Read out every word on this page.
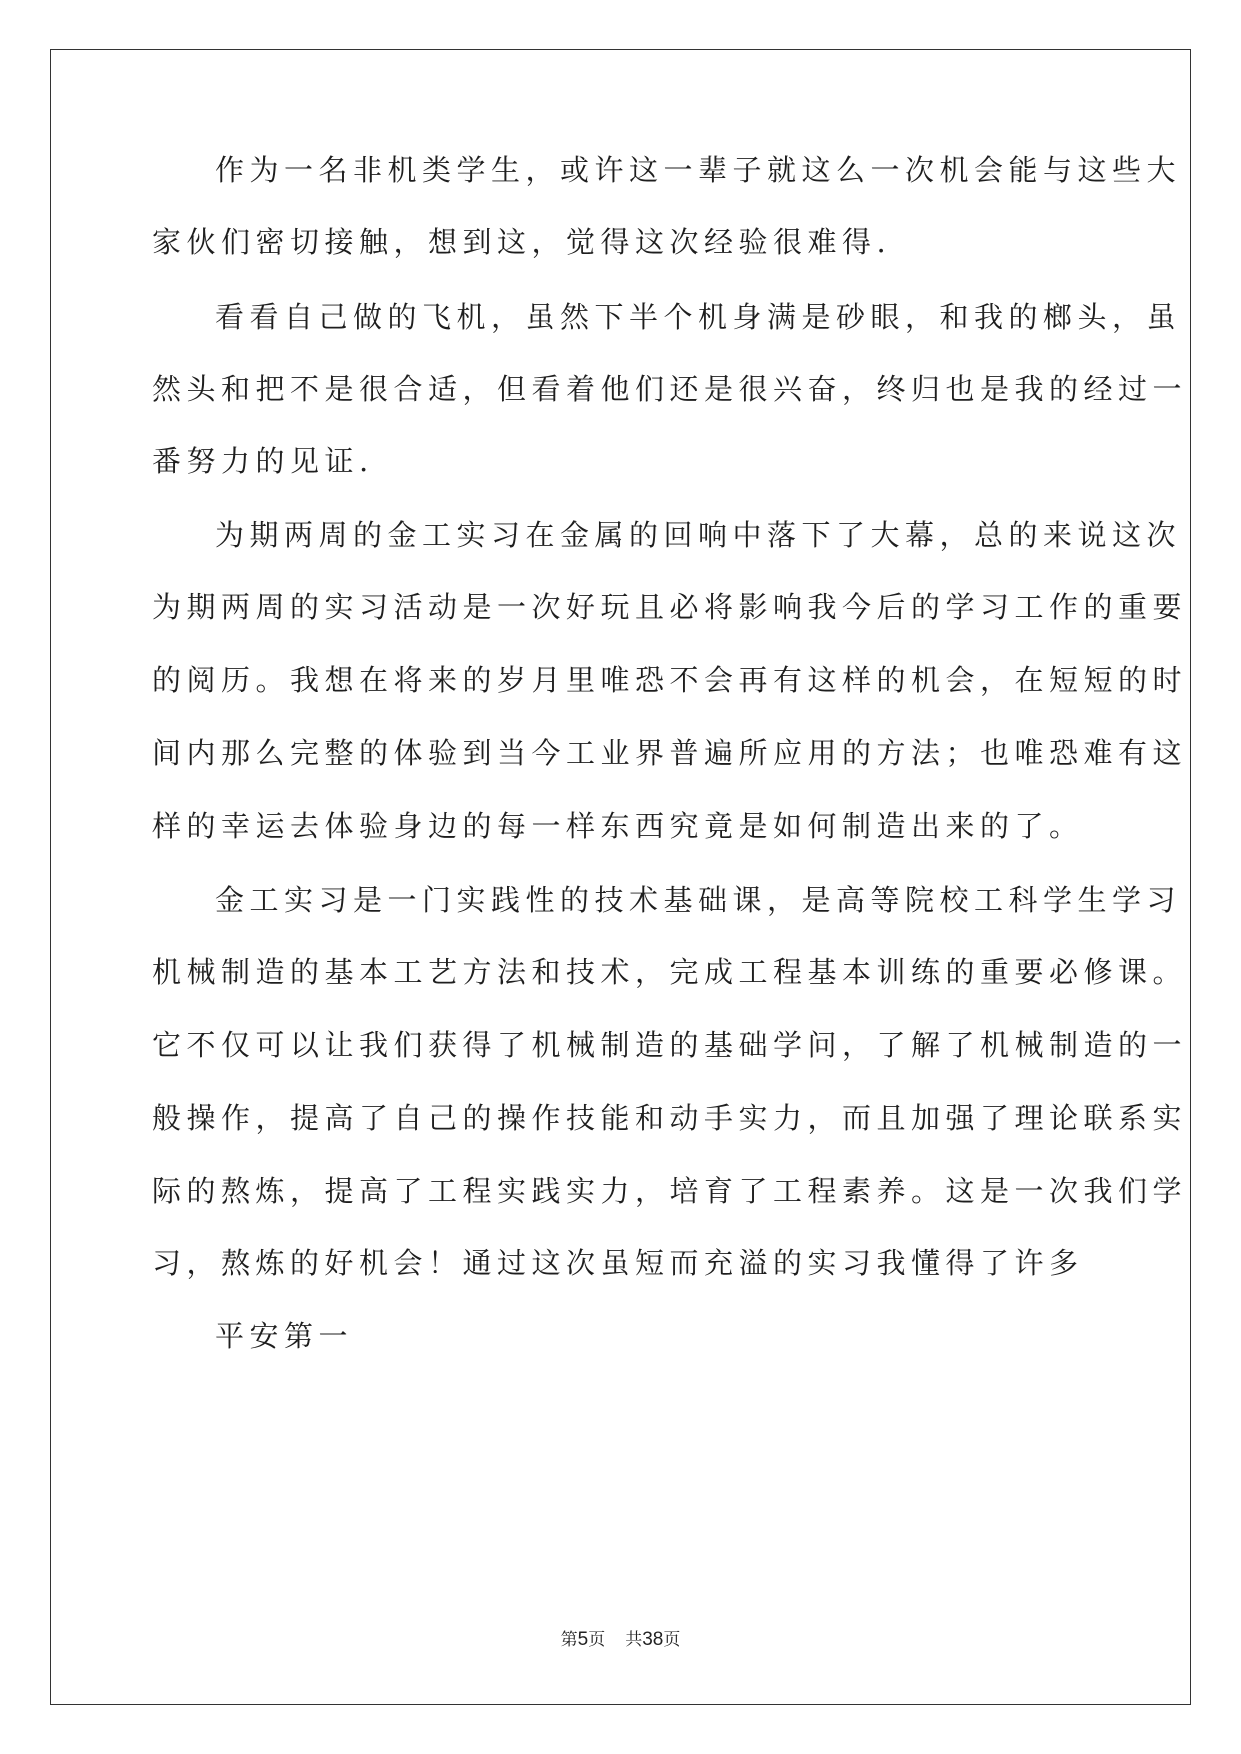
作为一名非机类学生，或许这一辈子就这么一次机会能与这些大
家伙们密切接触，想到这，觉得这次经验很难得.
看看自己做的飞机，虽然下半个机身满是砂眼，和我的榔头，虽
然头和把不是很合适，但看着他们还是很兴奋，终归也是我的经过一
番努力的见证.
为期两周的金工实习在金属的回响中落下了大幕，总的来说这次
为期两周的实习活动是一次好玩且必将影响我今后的学习工作的重要
的阅历。我想在将来的岁月里唯恐不会再有这样的机会，在短短的时
间内那么完整的体验到当今工业界普遍所应用的方法；也唯恐难有这
样的幸运去体验身边的每一样东西究竟是如何制造出来的了。
金工实习是一门实践性的技术基础课，是高等院校工科学生学习
机械制造的基本工艺方法和技术，完成工程基本训练的重要必修课。
它不仅可以让我们获得了机械制造的基础学问，了解了机械制造的一
般操作，提高了自己的操作技能和动手实力，而且加强了理论联系实
际的熬炼，提高了工程实践实力，培育了工程素养。这是一次我们学
习，熬炼的好机会！通过这次虽短而充溢的实习我懂得了许多
平安第一
第5页 共38页
